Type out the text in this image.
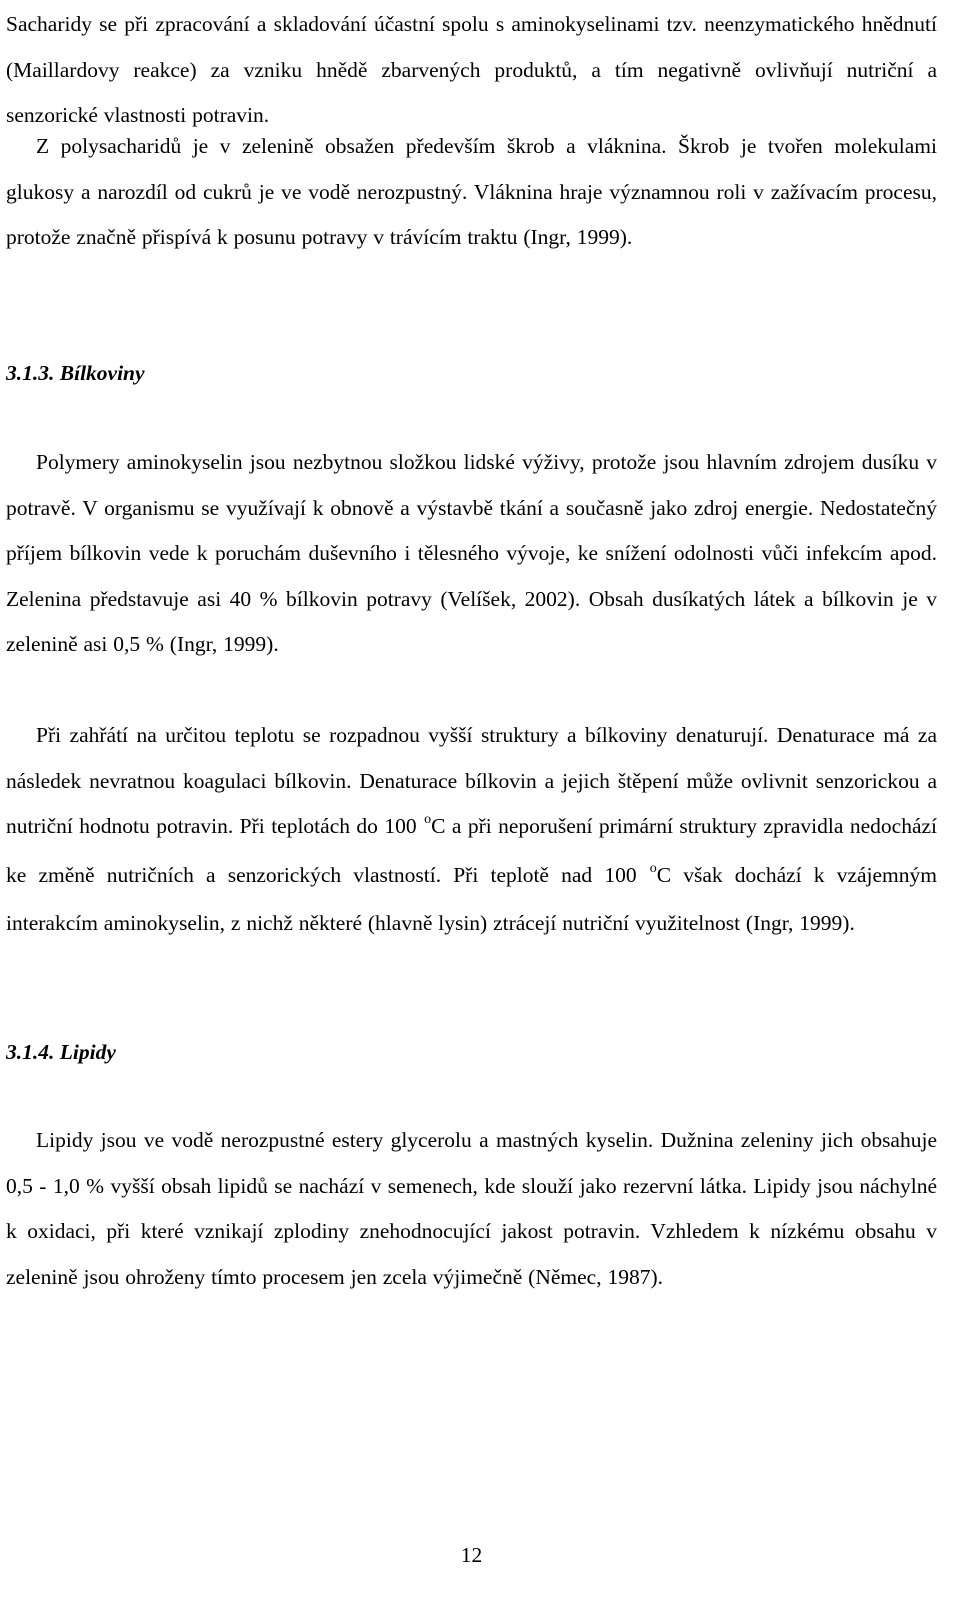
Sacharidy se při zpracování a skladování účastní spolu s aminokyselinami tzv. neenzymatického hnědnutí (Maillardovy reakce) za vzniku hnědě zbarvených produktů, a tím negativně ovlivňují nutriční a senzorické vlastnosti potravin.

Z polysacharidů je v zelenině obsažen především škrob a vláknina. Škrob je tvořen molekulami glukosy a narozdíl od cukrů je ve vodě nerozpustný. Vláknina hraje významnou roli v zažívacím procesu, protože značně přispívá k posunu potravy v trávícím traktu (Ingr, 1999).

3.1.3. Bílkoviny

Polymery aminokyselin jsou nezbytnou složkou lidské výživy, protože jsou hlavním zdrojem dusíku v potravě. V organismu se využívají k obnově a výstavbě tkání a současně jako zdroj energie. Nedostatečný příjem bílkovin vede k poruchám duševního i tělesného vývoje, ke snížení odolnosti vůči infekcím apod. Zelenina představuje asi 40 % bílkovin potravy (Velíšek, 2002). Obsah dusíkatých látek a bílkovin je v zelenině asi 0,5 % (Ingr, 1999).

Při zahřátí na určitou teplotu se rozpadnou vyšší struktury a bílkoviny denaturují. Denaturace má za následek nevratnou koagulaci bílkovin. Denaturace bílkovin a jejich štěpení může ovlivnit senzorickou a nutriční hodnotu potravin. Při teplotách do 100 $^o$C a při neporušení primární struktury zpravidla nedochází ke změně nutričních a senzorických vlastností. Při teplotě nad 100 $^o$C však dochází k vzájemným interakcím aminokyselin, z nichž některé (hlavně lysin) ztrácejí nutriční využitelnost (Ingr, 1999).

3.1.4. Lipidy

Lipidy jsou ve vodě nerozpustné estery glycerolu a mastných kyselin. Dužnina zeleniny jich obsahuje 0,5 - 1,0 % vyšší obsah lipidů se nachází v semenech, kde slouží jako rezervní látka. Lipidy jsou náchylné k oxidaci, při které vznikají zplodiny znehodnocující jakost potravin. Vzhledem k nízkému obsahu v zelenině jsou ohroženy tímto procesem jen zcela výjimečně (Němec, 1987).

12
